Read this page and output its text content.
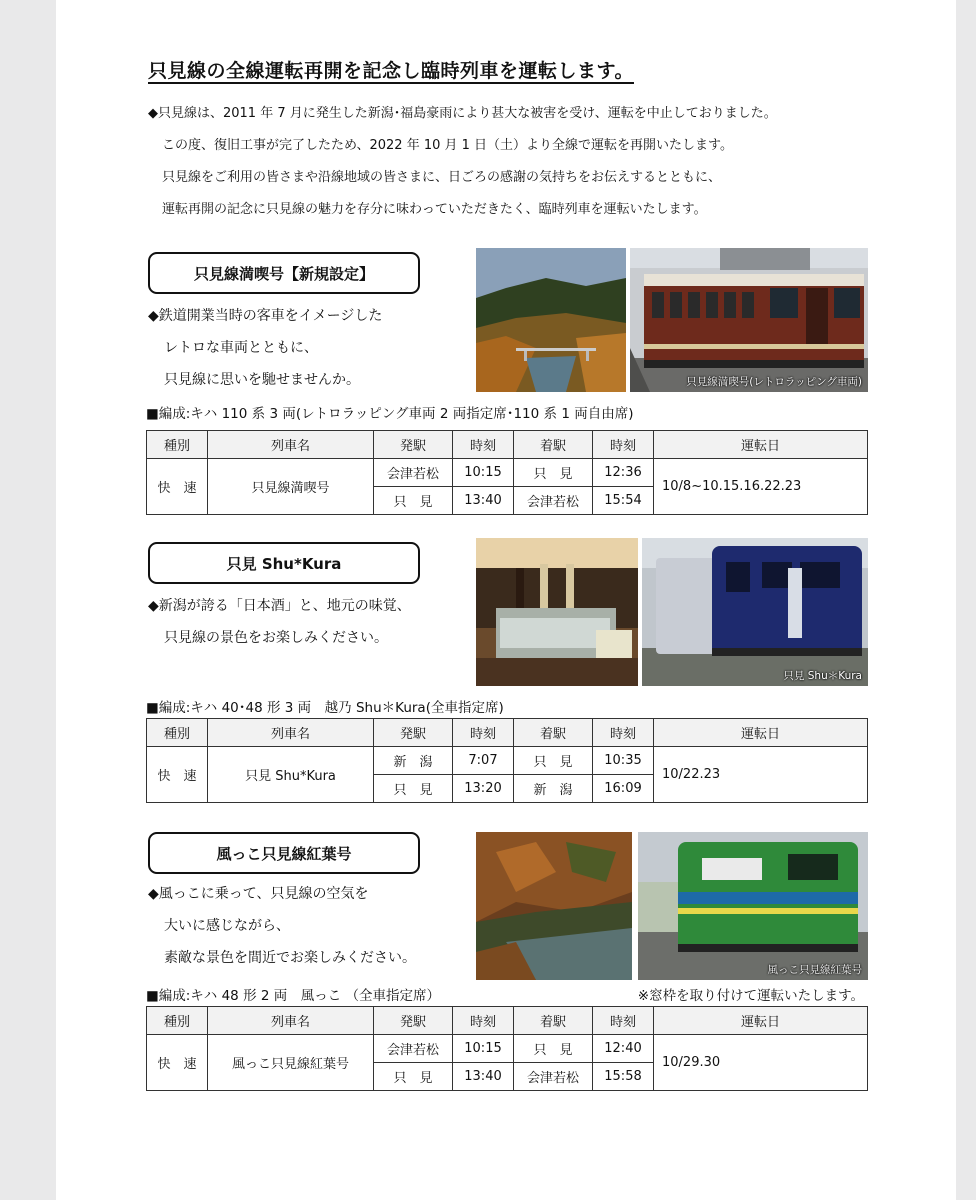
只見線の全線運転再開を記念し臨時列車を運転します。
◆只見線は、2011 年 7 月に発生した新潟･福島豪雨により甚大な被害を受け、運転を中止しておりました。
この度、復旧工事が完了したため、2022 年 10 月 1 日（土）より全線で運転を再開いたします。
只見線をご利用の皆さまや沿線地域の皆さまに、日ごろの感謝の気持ちをお伝えするとともに、
運転再開の記念に只見線の魅力を存分に味わっていただきたく、臨時列車を運転いたします。
只見線満喫号【新規設定】
◆鉄道開業当時の客車をイメージした
レトロな車両とともに、
只見線に思いを馳せませんか。	只見線満喫号(レトロラッピング車両)
■編成:キハ 110 系 3 両(レトロラッピング車両 2 両指定席･110 系 1 両自由席)
種別	列車名	発駅	時刻	着駅	時刻	運転日
快　速	只見線満喫号	会津若松	10:15	只　見	12:36	10/8~10.15.16.22.23
		只　見	13:40	会津若松	15:54	
只見 Shu*Kura
◆新潟が誇る「日本酒」と、地元の味覚、
只見線の景色をお楽しみください。
只見 Shu＊Kura
■編成:キハ 40･48 形 3 両　越乃 Shu＊Kura(全車指定席)
種別	列車名	発駅	時刻	着駅	時刻	運転日
快　速	只見 Shu*Kura	新　潟	7:07	只　見	10:35	10/22.23
		只　見	13:20	新　潟	16:09	
風っこ只見線紅葉号
◆風っこに乗って、只見線の空気を
大いに感じながら、
素敵な景色を間近でお楽しみください。
風っこ只見線紅葉号
■編成:キハ 48 形 2 両　風っこ （全車指定席）	※窓枠を取り付けて運転いたします。
種別	列車名	発駅	時刻	着駅	時刻	運転日
快　速	風っこ只見線紅葉号	会津若松	10:15	只　見	12:40	10/29.30
		只　見	13:40	会津若松	15:58	
